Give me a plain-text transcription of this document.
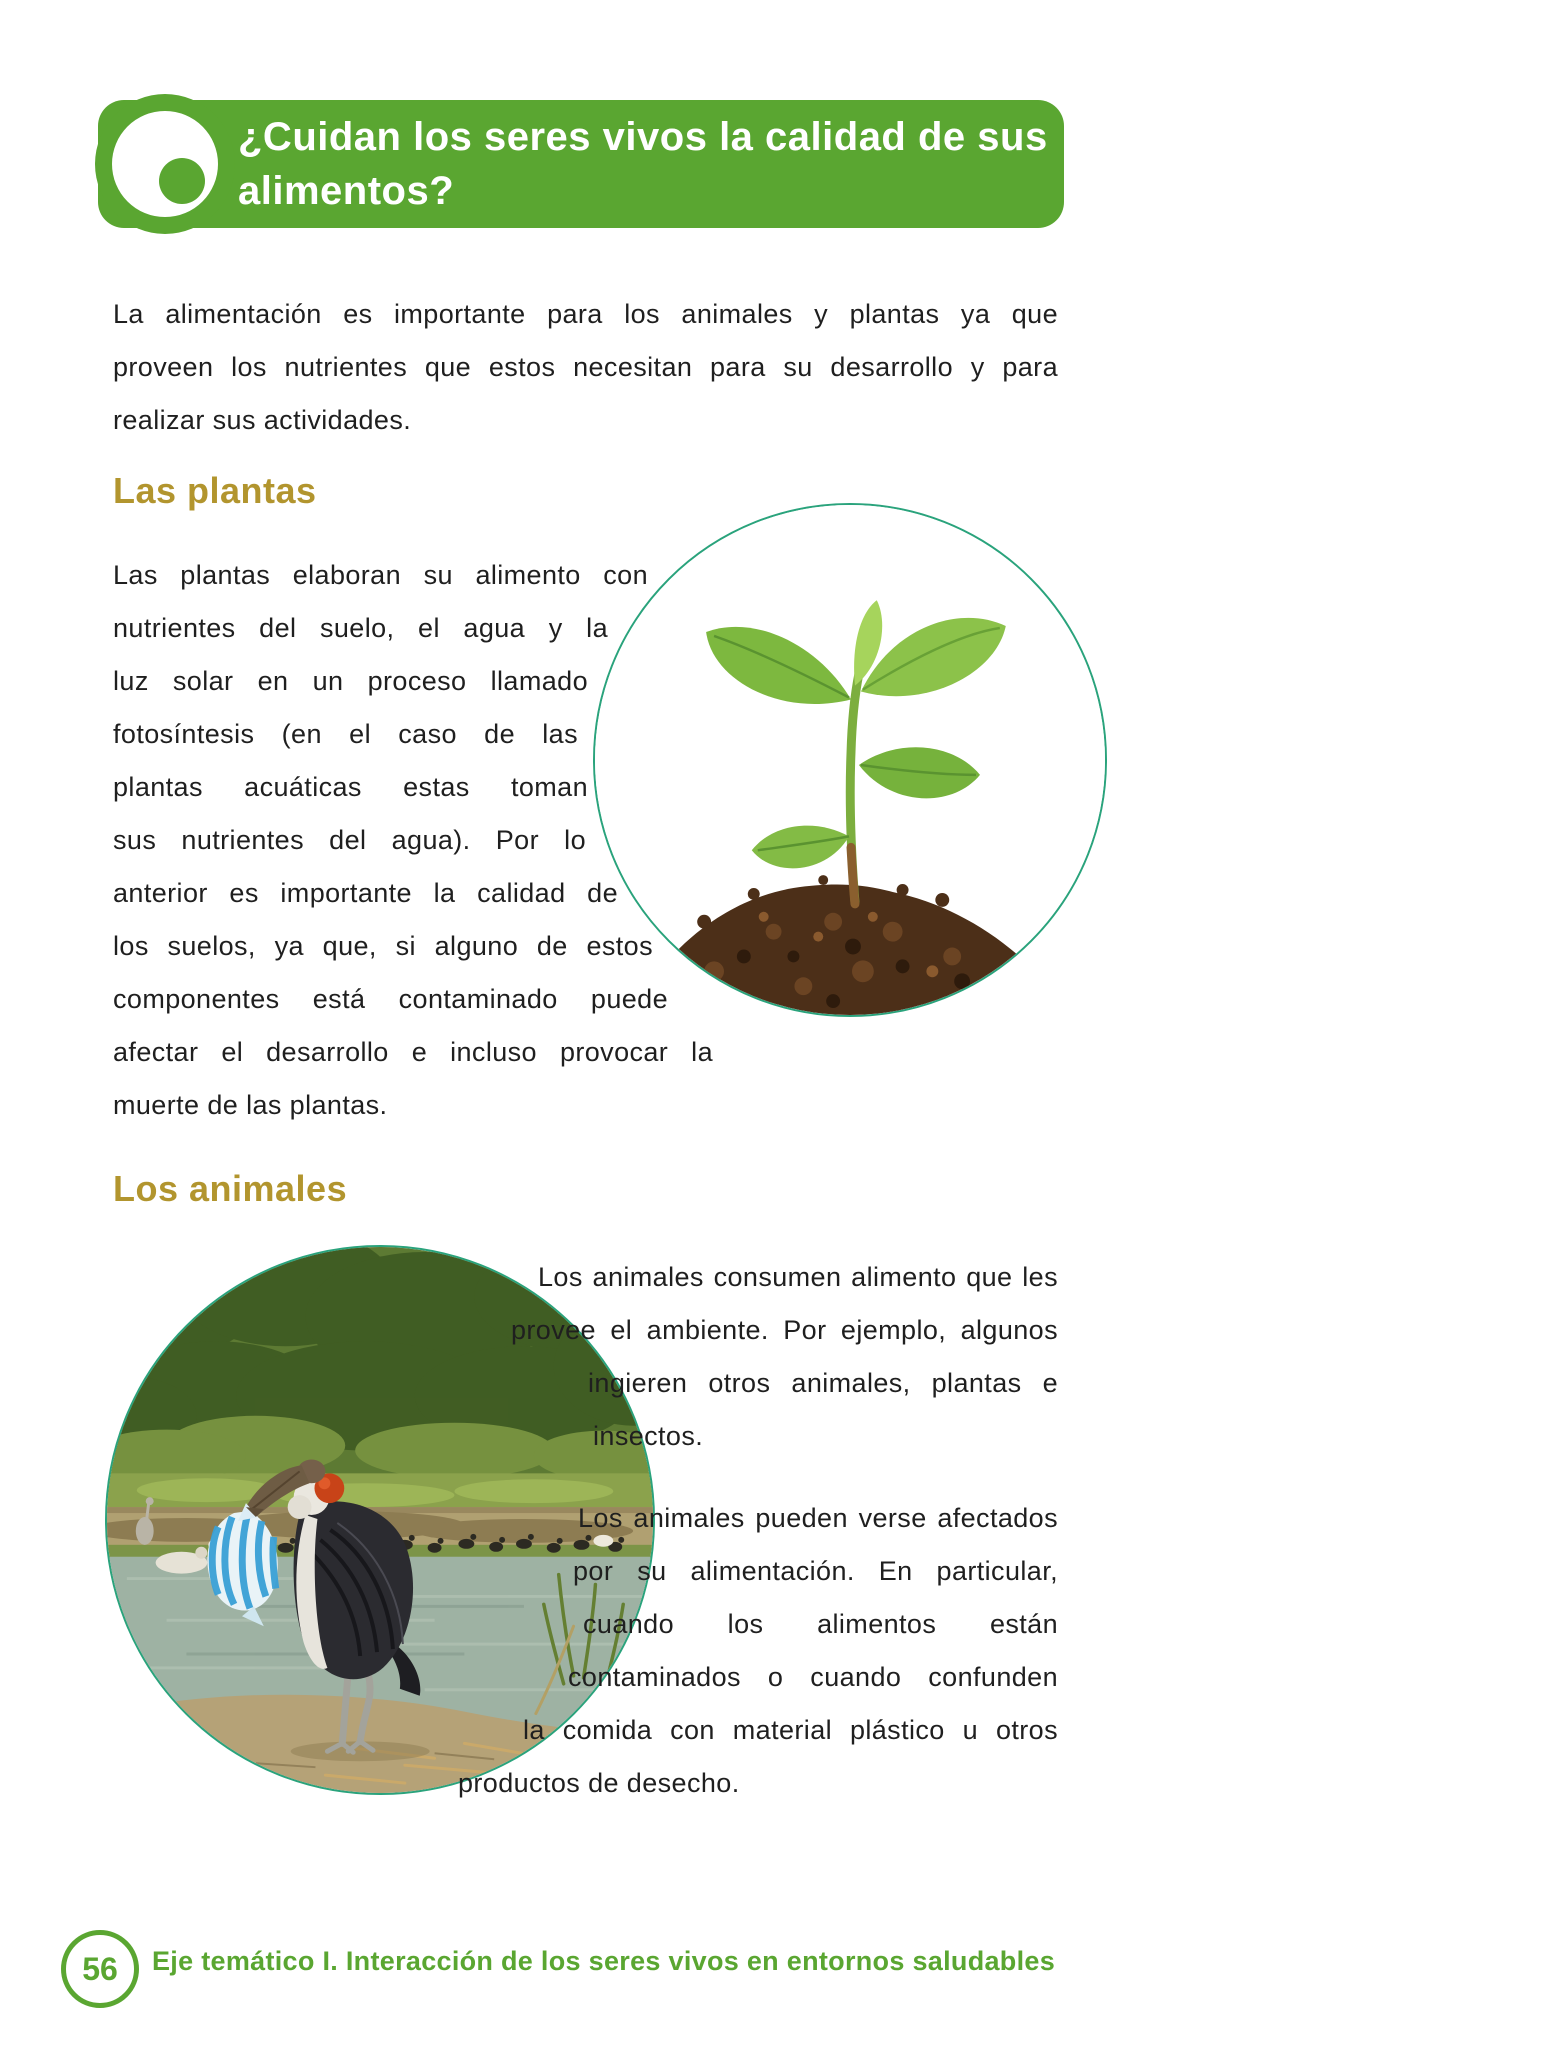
¿Cuidan los seres vivos la calidad de sus
alimentos?
La alimentación es importante para los animales y plantas ya que
proveen los nutrientes que estos necesitan para su desarrollo y para
realizar sus actividades.
Las plantas
Las plantas elaboran su alimento con
nutrientes del suelo, el agua y la
luz solar en un proceso llamado
fotosíntesis (en el caso de las
plantas acuáticas estas toman
sus nutrientes del agua). Por lo
anterior es importante la calidad de
los suelos, ya que, si alguno de estos
componentes está contaminado puede
afectar el desarrollo e incluso provocar la
muerte de las plantas.
Los animales
Los animales consumen alimento que les
provee el ambiente. Por ejemplo, algunos
ingieren otros animales, plantas e
insectos.
Los animales pueden verse afectados
por su alimentación. En particular,
cuando los alimentos están
contaminados o cuando confunden
la comida con material plástico u otros
productos de desecho.
56 Eje temático I. Interacción de los seres vivos en entornos saludables
